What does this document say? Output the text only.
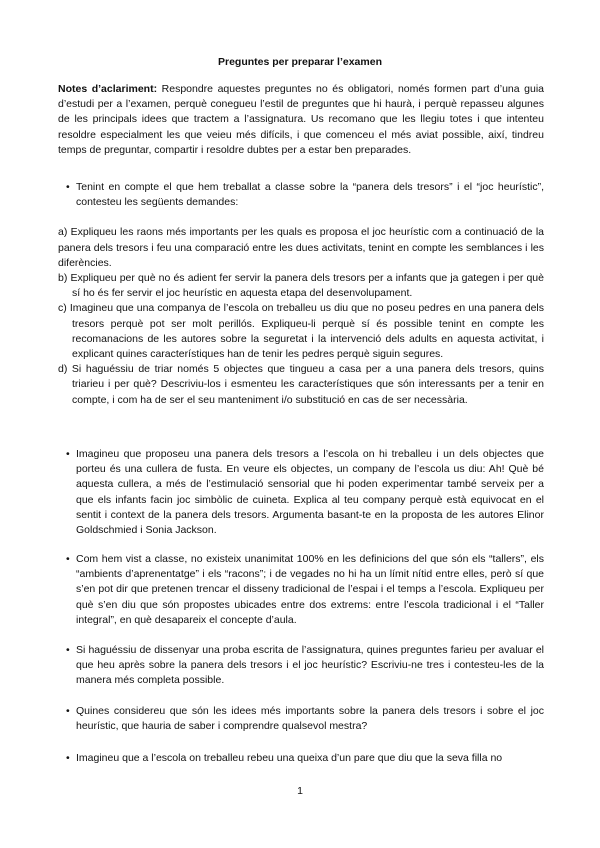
Preguntes per preparar l’examen
Notes d’aclariment: Respondre aquestes preguntes no és obligatori, només formen part d’una guia d’estudi per a l’examen, perquè conegueu l’estil de preguntes que hi haurà, i perquè repasseu algunes de les principals idees que tractem a l’assignatura. Us recomano que les llegiu totes i que intenteu resoldre especialment les que veieu més difícils, i que comenceu el més aviat possible, així, tindreu temps de preguntar, compartir i resoldre dubtes per a estar ben preparades.

• Tenint en compte el que hem treballat a classe sobre la “panera dels tresors” i el “joc heurístic”, contesteu les següents demandes:

a) Expliqueu les raons més importants per les quals es proposa el joc heurístic com a continuació de la panera dels tresors i feu una comparació entre les dues activitats, tenint en compte les semblances i les diferències.

b) Expliqueu per què no és adient fer servir la panera dels tresors per a infants que ja gategen i per què sí ho és fer servir el joc heurístic en aquesta etapa del desenvolupament.

c) Imagineu que una companya de l’escola on treballeu us diu que no poseu pedres en una panera dels tresors perquè pot ser molt perillós. Expliqueu-li perquè sí és possible tenint en compte les recomanacions de les autores sobre la seguretat i la intervenció dels adults en aquesta activitat, i explicant quines característiques han de tenir les pedres perquè siguin segures.

d) Si haguéssiu de triar només 5 objectes que tingueu a casa per a una panera dels tresors, quins triarieu i per què? Descriviu-los i esmenteu les característiques que són interessants per a tenir en compte, i com ha de ser el seu manteniment i/o substitució en cas de ser necessària.

• Imagineu que proposeu una panera dels tresors a l’escola on hi treballeu i un dels objectes que porteu és una cullera de fusta. En veure els objectes, un company de l’escola us diu: Ah! Què bé aquesta cullera, a més de l’estimulació sensorial que hi poden experimentar també serveix per a que els infants facin joc simbòlic de cuineta. Explica al teu company perquè està equivocat en el sentit i context de la panera dels tresors. Argumenta basant-te en la proposta de les autores Elinor Goldschmied i Sonia Jackson.

• Com hem vist a classe, no existeix unanimitat 100% en les definicions del que són els “tallers”, els “ambients d’aprenentatge” i els “racons”; i de vegades no hi ha un límit nítid entre elles, però sí que s’en pot dir que pretenen trencar el disseny tradicional de l’espai i el temps a l’escola. Expliqueu per què s’en diu que són propostes ubicades entre dos extrems: entre l’escola tradicional i el “Taller integral”, en què desapareix el concepte d’aula.

• Si haguéssiu de dissenyar una proba escrita de l’assignatura, quines preguntes farieu per avaluar el que heu après sobre la panera dels tresors i el joc heurístic? Escriviu-ne tres i contesteu-les de la manera més completa possible.

• Quines considereu que són les idees més importants sobre la panera dels tresors i sobre el joc heurístic, que hauria de saber i comprendre qualsevol mestra?

• Imagineu que a l’escola on treballeu rebeu una queixa d’un pare que diu que la seva filla no

1
